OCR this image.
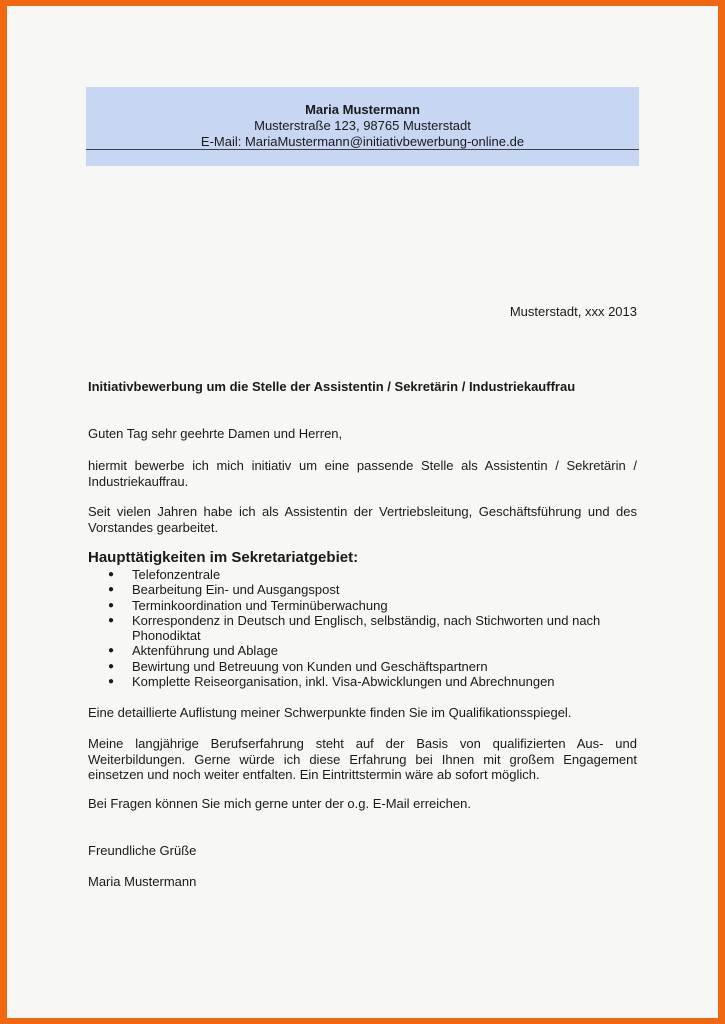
Maria Mustermann
Musterstraße 123, 98765 Musterstadt
E-Mail: MariaMustermann@initiativbewerbung-online.de
Musterstadt, xxx 2013
Initiativbewerbung um die Stelle der Assistentin / Sekretärin / Industriekauffrau
Guten Tag sehr geehrte Damen und Herren,
hiermit bewerbe ich mich initiativ um eine passende Stelle als Assistentin / Sekretärin / Industriekauffrau.
Seit vielen Jahren habe ich als Assistentin der Vertriebsleitung, Geschäftsführung und des Vorstandes gearbeitet.
Haupttätigkeiten im Sekretariatgebiet:
● Telefonzentrale
● Bearbeitung Ein- und Ausgangspost
● Terminkoordination und Terminüberwachung
● Korrespondenz in Deutsch und Englisch, selbständig, nach Stichworten und nach Phonodiktat
● Aktenführung und Ablage
● Bewirtung und Betreuung von Kunden und Geschäftspartnern
● Komplette Reiseorganisation, inkl. Visa-Abwicklungen und Abrechnungen
Eine detaillierte Auflistung meiner Schwerpunkte finden Sie im Qualifikationsspiegel.
Meine langjährige Berufserfahrung steht auf der Basis von qualifizierten Aus- und Weiterbildungen. Gerne würde ich diese Erfahrung bei Ihnen mit großem Engagement einsetzen und noch weiter entfalten. Ein Eintrittstermin wäre ab sofort möglich.
Bei Fragen können Sie mich gerne unter der o.g. E-Mail erreichen.
Freundliche Grüße
Maria Mustermann
